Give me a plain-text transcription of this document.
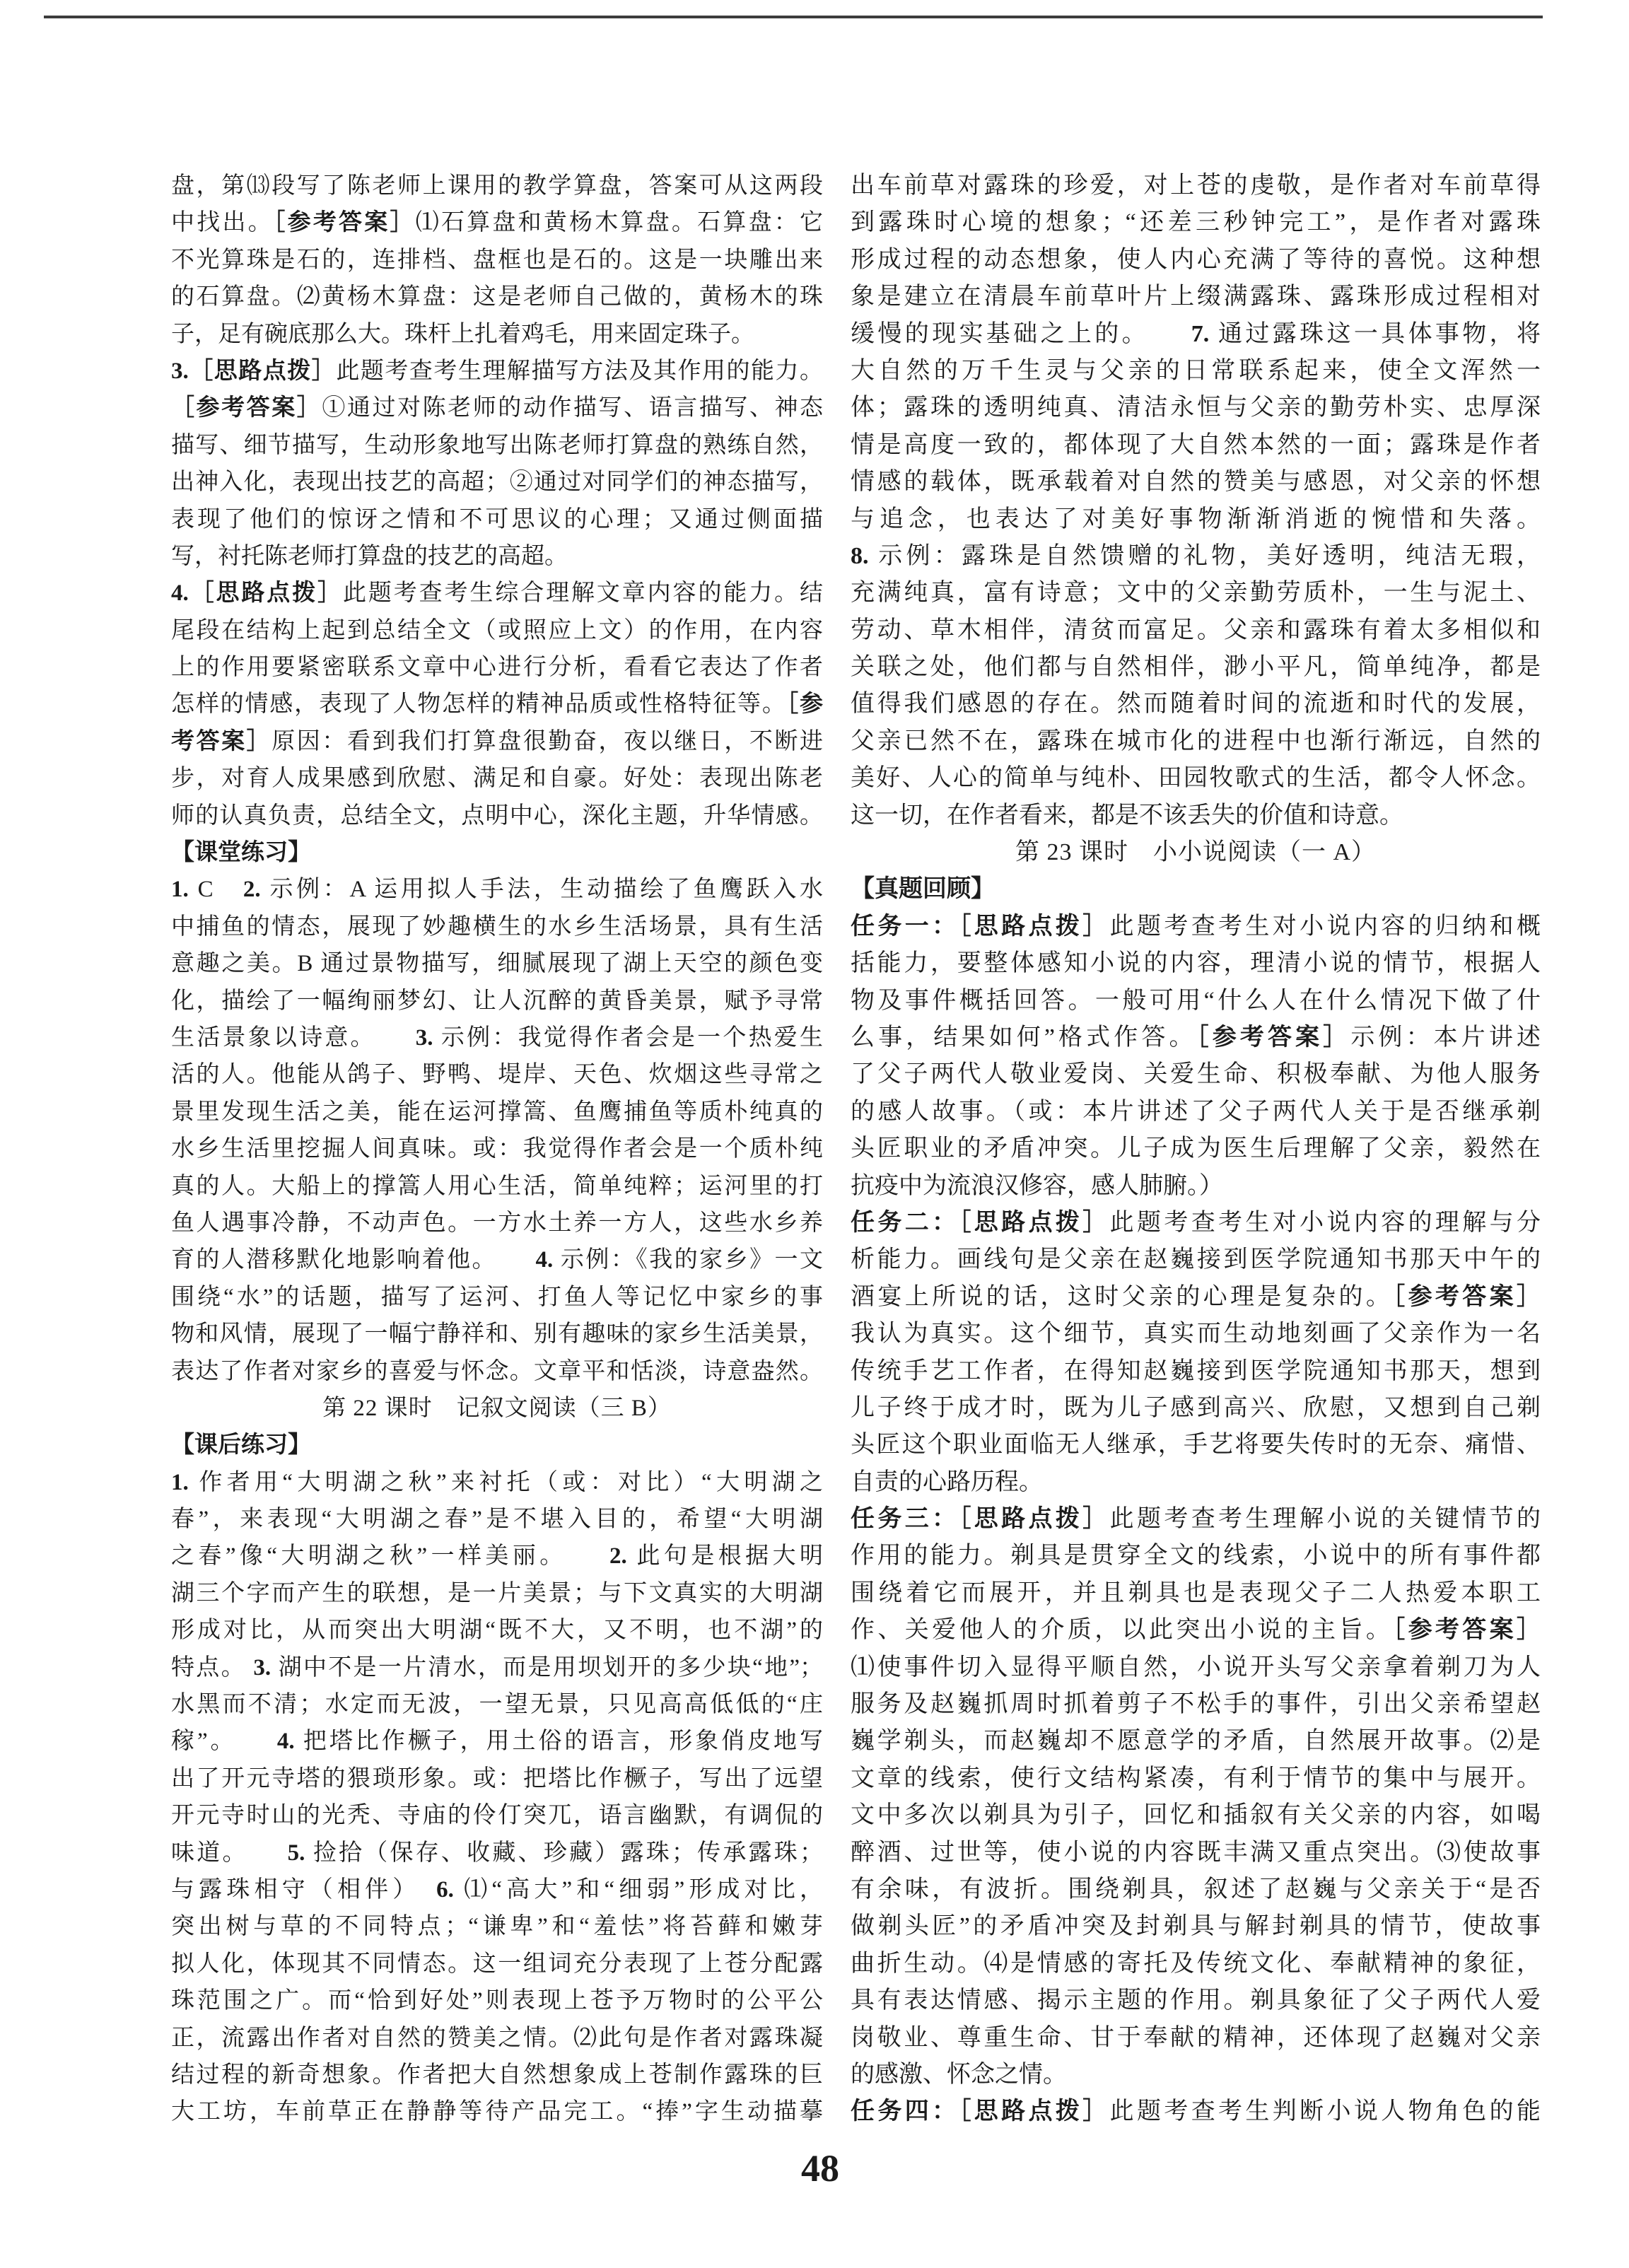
盘，第⒀段写了陈老师上课用的教学算盘，答案可从这两段
中找出。［参考答案］⑴石算盘和黄杨木算盘。石算盘：它
不光算珠是石的，连排档、盘框也是石的。这是一块雕出来
的石算盘。⑵黄杨木算盘：这是老师自己做的，黄杨木的珠
子，足有碗底那么大。珠杆上扎着鸡毛，用来固定珠子。
3.［思路点拨］此题考查考生理解描写方法及其作用的能力。
［参考答案］①通过对陈老师的动作描写、语言描写、神态
描写、细节描写，生动形象地写出陈老师打算盘的熟练自然，
出神入化，表现出技艺的高超；②通过对同学们的神态描写，
表现了他们的惊讶之情和不可思议的心理；又通过侧面描
写，衬托陈老师打算盘的技艺的高超。
4.［思路点拨］此题考查考生综合理解文章内容的能力。结
尾段在结构上起到总结全文（或照应上文）的作用，在内容
上的作用要紧密联系文章中心进行分析，看看它表达了作者
怎样的情感，表现了人物怎样的精神品质或性格特征等。［参
考答案］原因：看到我们打算盘很勤奋，夜以继日，不断进
步，对育人成果感到欣慰、满足和自豪。好处：表现出陈老
师的认真负责，总结全文，点明中心，深化主题，升华情感。
【课堂练习】
1. C　2. 示例：A 运用拟人手法，生动描绘了鱼鹰跃入水
中捕鱼的情态，展现了妙趣横生的水乡生活场景，具有生活
意趣之美。B 通过景物描写，细腻展现了湖上天空的颜色变
化，描绘了一幅绚丽梦幻、让人沉醉的黄昏美景，赋予寻常
生活景象以诗意。　　3. 示例：我觉得作者会是一个热爱生
活的人。他能从鸽子、野鸭、堤岸、天色、炊烟这些寻常之
景里发现生活之美，能在运河撑篙、鱼鹰捕鱼等质朴纯真的
水乡生活里挖掘人间真味。或：我觉得作者会是一个质朴纯
真的人。大船上的撑篙人用心生活，简单纯粹；运河里的打
鱼人遇事冷静，不动声色。一方水土养一方人，这些水乡养
育的人潜移默化地影响着他。　　4. 示例：《我的家乡》一文
围绕“水”的话题，描写了运河、打鱼人等记忆中家乡的事
物和风情，展现了一幅宁静祥和、别有趣味的家乡生活美景，
表达了作者对家乡的喜爱与怀念。文章平和恬淡，诗意盎然。
第 22 课时　记叙文阅读（三 B）
【课后练习】
1. 作者用“大明湖之秋”来衬托（或：对比）“大明湖之
春”，来表现“大明湖之春”是不堪入目的，希望“大明湖
之春”像“大明湖之秋”一样美丽。　　2. 此句是根据大明
湖三个字而产生的联想，是一片美景；与下文真实的大明湖
形成对比，从而突出大明湖“既不大，又不明，也不湖”的
特点。 3. 湖中不是一片清水，而是用坝划开的多少块“地”；
水黑而不清；水定而无波，一望无景，只见高高低低的“庄
稼”。　　4. 把塔比作橛子，用土俗的语言，形象俏皮地写
出了开元寺塔的猥琐形象。或：把塔比作橛子，写出了远望
开元寺时山的光秃、寺庙的伶仃突兀，语言幽默，有调侃的
味道。　　5. 捡拾（保存、收藏、珍藏）露珠；传承露珠；
与露珠相守（相伴）　6. ⑴“高大”和“细弱”形成对比，
突出树与草的不同特点；“谦卑”和“羞怯”将苔藓和嫩芽
拟人化，体现其不同情态。这一组词充分表现了上苍分配露
珠范围之广。而“恰到好处”则表现上苍予万物时的公平公
正，流露出作者对自然的赞美之情。⑵此句是作者对露珠凝
结过程的新奇想象。作者把大自然想象成上苍制作露珠的巨
大工坊，车前草正在静静等待产品完工。“捧”字生动描摹
出车前草对露珠的珍爱，对上苍的虔敬，是作者对车前草得
到露珠时心境的想象；“还差三秒钟完工”，是作者对露珠
形成过程的动态想象，使人内心充满了等待的喜悦。这种想
象是建立在清晨车前草叶片上缀满露珠、露珠形成过程相对
缓慢的现实基础之上的。　　7. 通过露珠这一具体事物，将
大自然的万千生灵与父亲的日常联系起来，使全文浑然一
体；露珠的透明纯真、清洁永恒与父亲的勤劳朴实、忠厚深
情是高度一致的，都体现了大自然本然的一面；露珠是作者
情感的载体，既承载着对自然的赞美与感恩，对父亲的怀想
与追念，也表达了对美好事物渐渐消逝的惋惜和失落。
8. 示例：露珠是自然馈赠的礼物，美好透明，纯洁无瑕，
充满纯真，富有诗意；文中的父亲勤劳质朴，一生与泥土、
劳动、草木相伴，清贫而富足。父亲和露珠有着太多相似和
关联之处，他们都与自然相伴，渺小平凡，简单纯净，都是
值得我们感恩的存在。然而随着时间的流逝和时代的发展，
父亲已然不在，露珠在城市化的进程中也渐行渐远，自然的
美好、人心的简单与纯朴、田园牧歌式的生活，都令人怀念。
这一切，在作者看来，都是不该丢失的价值和诗意。
第 23 课时　小小说阅读（一 A）
【真题回顾】
任务一：［思路点拨］此题考查考生对小说内容的归纳和概
括能力，要整体感知小说的内容，理清小说的情节，根据人
物及事件概括回答。一般可用“什么人在什么情况下做了什
么事，结果如何”格式作答。［参考答案］示例：本片讲述
了父子两代人敬业爱岗、关爱生命、积极奉献、为他人服务
的感人故事。（或：本片讲述了父子两代人关于是否继承剃
头匠职业的矛盾冲突。儿子成为医生后理解了父亲，毅然在
抗疫中为流浪汉修容，感人肺腑。）
任务二：［思路点拨］此题考查考生对小说内容的理解与分
析能力。画线句是父亲在赵巍接到医学院通知书那天中午的
酒宴上所说的话，这时父亲的心理是复杂的。［参考答案］
我认为真实。这个细节，真实而生动地刻画了父亲作为一名
传统手艺工作者，在得知赵巍接到医学院通知书那天，想到
儿子终于成才时，既为儿子感到高兴、欣慰，又想到自己剃
头匠这个职业面临无人继承，手艺将要失传时的无奈、痛惜、
自责的心路历程。
任务三：［思路点拨］此题考查考生理解小说的关键情节的
作用的能力。剃具是贯穿全文的线索，小说中的所有事件都
围绕着它而展开，并且剃具也是表现父子二人热爱本职工
作、关爱他人的介质，以此突出小说的主旨。［参考答案］
⑴使事件切入显得平顺自然，小说开头写父亲拿着剃刀为人
服务及赵巍抓周时抓着剪子不松手的事件，引出父亲希望赵
巍学剃头，而赵巍却不愿意学的矛盾，自然展开故事。⑵是
文章的线索，使行文结构紧凑，有利于情节的集中与展开。
文中多次以剃具为引子，回忆和插叙有关父亲的内容，如喝
醉酒、过世等，使小说的内容既丰满又重点突出。⑶使故事
有余味，有波折。围绕剃具，叙述了赵巍与父亲关于“是否
做剃头匠”的矛盾冲突及封剃具与解封剃具的情节，使故事
曲折生动。⑷是情感的寄托及传统文化、奉献精神的象征，
具有表达情感、揭示主题的作用。剃具象征了父子两代人爱
岗敬业、尊重生命、甘于奉献的精神，还体现了赵巍对父亲
的感激、怀念之情。
任务四：［思路点拨］此题考查考生判断小说人物角色的能
48
